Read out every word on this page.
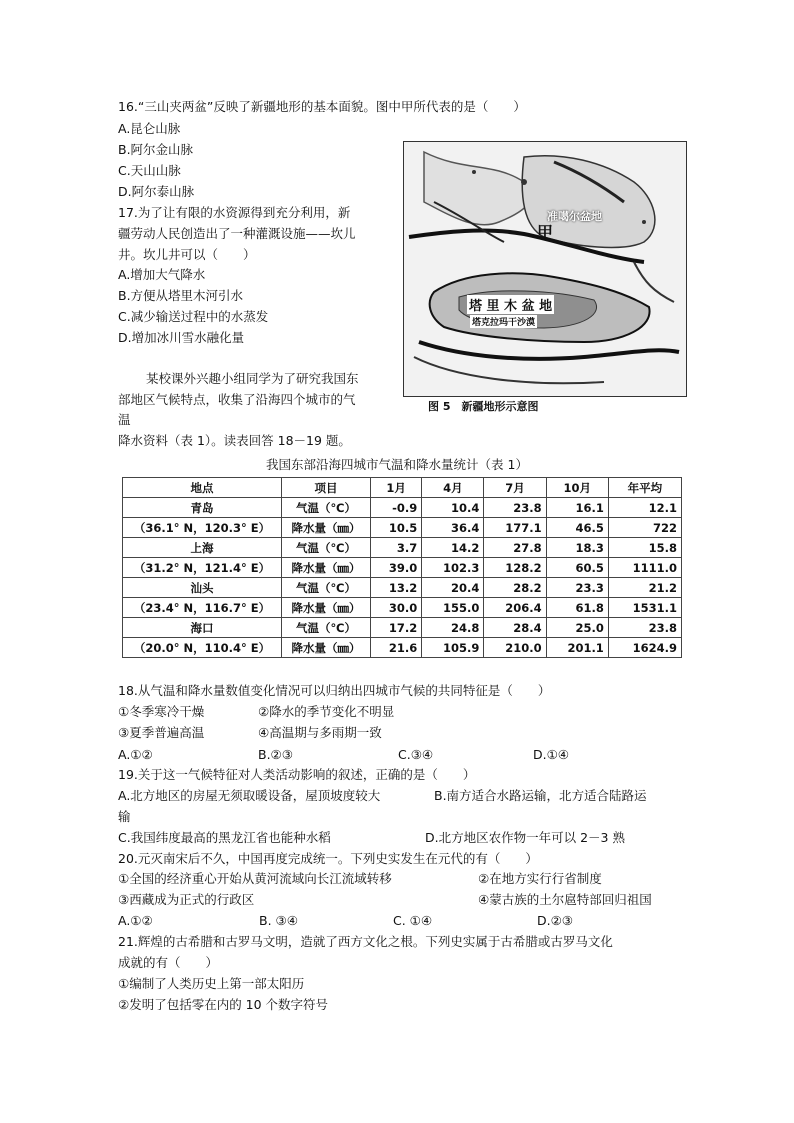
16.“三山夹两盆”反映了新疆地形的基本面貌。图中甲所代表的是（　　）
A.昆仑山脉
B.阿尔金山脉
C.天山山脉
D.阿尔泰山脉
17.为了让有限的水资源得到充分利用，新
疆劳动人民创造出了一种灌溉设施——坎儿
井。坎儿井可以（　　）
A.增加大气降水
B.方便从塔里木河引水
C.减少输送过程中的水蒸发
D.增加冰川雪水融化量
某校课外兴趣小组同学为了研究我国东
部地区气候特点，收集了沿海四个城市的气
温
降水资料（表 1）。读表回答 18－19 题。
准噶尔盆地
甲
塔 里 木 盆 地
塔克拉玛干沙漠
图 5　新疆地形示意图
我国东部沿海四城市气温和降水量统计（表 1）
地点	项目	1月	4月	7月	10月	年平均
青岛	气温（℃）	-0.9	10.4	23.8	16.1	12.1
（36.1° N，120.3° E）	降水量（㎜）	10.5	36.4	177.1	46.5	722
上海	气温（℃）	3.7	14.2	27.8	18.3	15.8
（31.2° N，121.4° E）	降水量（㎜）	39.0	102.3	128.2	60.5	1111.0
汕头	气温（℃）	13.2	20.4	28.2	23.3	21.2
（23.4° N，116.7° E）	降水量（㎜）	30.0	155.0	206.4	61.8	1531.1
海口	气温（℃）	17.2	24.8	28.4	25.0	23.8
（20.0° N，110.4° E）	降水量（㎜）	21.6	105.9	210.0	201.1	1624.9
18.从气温和降水量数值变化情况可以归纳出四城市气候的共同特征是（　　）
①冬季寒冷干燥	②降水的季节变化不明显
③夏季普遍高温	④高温期与多雨期一致
A.①②	B.②③	C.③④	D.①④
19.关于这一气候特征对人类活动影响的叙述，正确的是（　　）
A.北方地区的房屋无须取暖设备，屋顶坡度较大	B.南方适合水路运输，北方适合陆路运
输
C.我国纬度最高的黑龙江省也能种水稻	D.北方地区农作物一年可以 2－3 熟
20.元灭南宋后不久，中国再度完成统一。下列史实发生在元代的有（　　）
①全国的经济重心开始从黄河流域向长江流域转移	②在地方实行行省制度
③西藏成为正式的行政区	④蒙古族的土尔扈特部回归祖国
A.①②	B. ③④	C. ①④	D.②③
21.辉煌的古希腊和古罗马文明，造就了西方文化之根。下列史实属于古希腊或古罗马文化
成就的有（　　）
①编制了人类历史上第一部太阳历
②发明了包括零在内的 10 个数字符号
